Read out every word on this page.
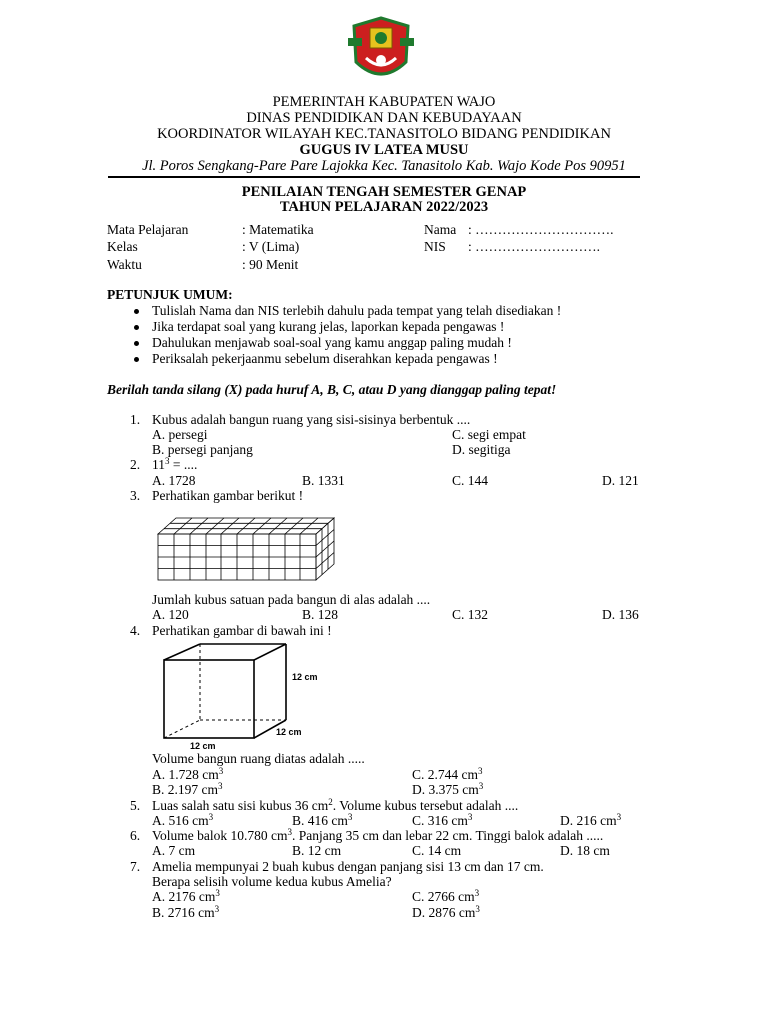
PEMERINTAH KABUPATEN WAJO
DINAS PENDIDIKAN DAN KEBUDAYAAN
KOORDINATOR WILAYAH KEC.TANASITOLO BIDANG PENDIDIKAN
GUGUS IV LATEA MUSU
Jl. Poros Sengkang-Pare Pare Lajokka Kec. Tanasitolo Kab. Wajo Kode Pos 90951
PENILAIAN TENGAH SEMESTER GENAP
TAHUN PELAJARAN 2022/2023
Mata Pelajaran	: Matematika
Kelas	: V (Lima)
Waktu	: 90 Menit
Nama : ………………………….
NIS : ……………………….
PETUNJUK UMUM:
Tulislah Nama dan NIS terlebih dahulu pada tempat yang telah disediakan !
Jika terdapat soal yang kurang jelas, laporkan kepada pengawas !
Dahulukan menjawab soal-soal yang kamu anggap paling mudah !
Periksalah pekerjaanmu sebelum diserahkan kepada pengawas !
Berilah tanda silang (X) pada huruf A, B, C, atau D yang dianggap paling tepat!
1. Kubus adalah bangun ruang yang sisi-sisinya berbentuk ....
A. persegi
B. persegi panjang
C. segi empat
D. segitiga
2. $11^3$ = ....
A. 1728	B. 1331	C. 144	D. 121
3. Perhatikan gambar berikut !
Jumlah kubus satuan pada bangun di alas adalah ....
A. 120	B. 128	C. 132	D. 136
4. Perhatikan gambar di bawah ini !
12 cm
12 cm
12 cm
Volume bangun ruang diatas adalah .....
A. 1.728 $cm^3$
B. 2.197 $cm^3$
C. 2.744 $cm^3$
D. 3.375 $cm^3$
5. Luas salah satu sisi kubus 36 $cm^2$. Volume kubus tersebut adalah ....
A. 516 $cm^3$	B. 416 $cm^3$	C. 316 $cm^3$	D. 216 $cm^3$
6. Volume balok 10.780 $cm^3$. Panjang 35 cm dan lebar 22 cm. Tinggi balok adalah .....
A. 7 cm	B. 12 cm	C. 14 cm	D. 18 cm
7. Amelia mempunyai 2 buah kubus dengan panjang sisi 13 cm dan 17 cm.
Berapa selisih volume kedua kubus Amelia?
A. 2176 $cm^3$
B. 2716 $cm^3$
C. 2766 $cm^3$
D. 2876 $cm^3$
